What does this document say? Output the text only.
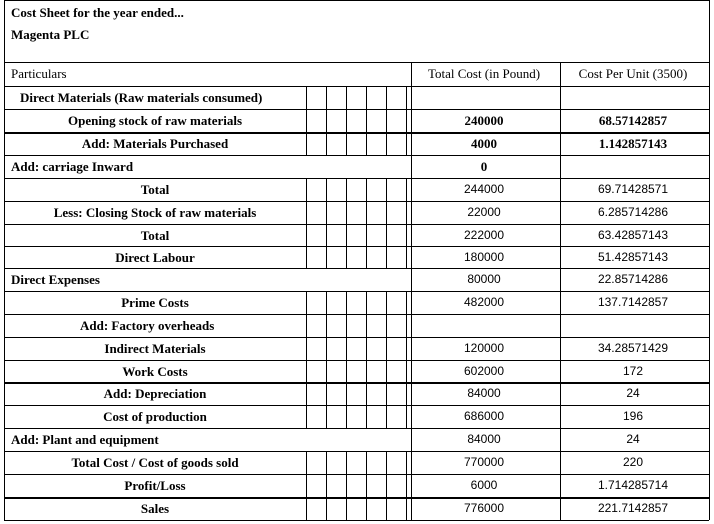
Cost Sheet for the year ended...
Magenta PLC
Particulars	Total Cost (in Pound)	Cost Per Unit (3500)
Direct Materials (Raw materials consumed)
Opening stock of raw materials	240000	68.57142857
Add: Materials Purchased	4000	1.142857143
Add: carriage Inward	0
Total	244000	69.71428571
Less: Closing Stock of raw materials	22000	6.285714286
Total	222000	63.42857143
Direct Labour	180000	51.42857143
Direct Expenses	80000	22.85714286
Prime Costs	482000	137.7142857
Add: Factory overheads
Indirect Materials	120000	34.28571429
Work Costs	602000	172
Add: Depreciation	84000	24
Cost of production	686000	196
Add: Plant and equipment	84000	24
Total Cost / Cost of goods sold	770000	220
Profit/Loss	6000	1.714285714
Sales	776000	221.7142857
